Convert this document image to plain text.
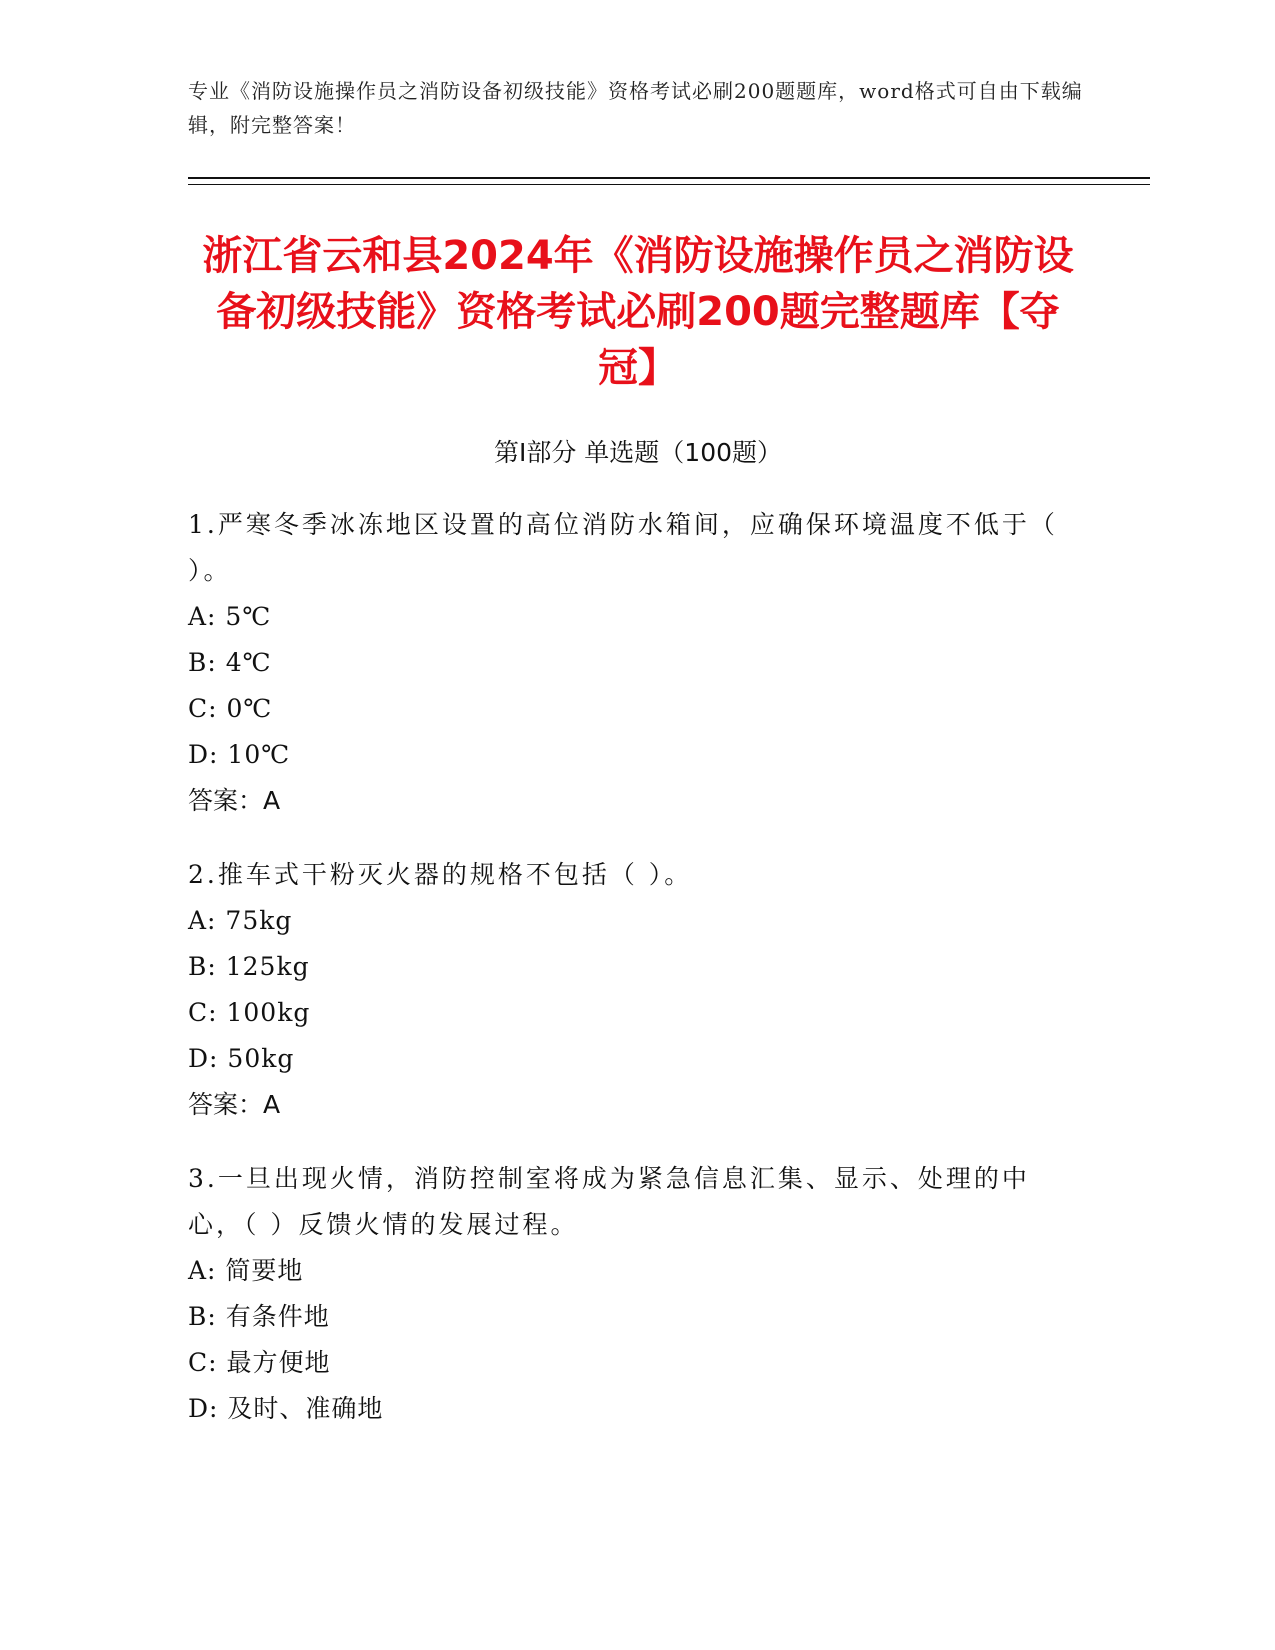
专业《消防设施操作员之消防设备初级技能》资格考试必刷200题题库，word格式可自由下载编辑，附完整答案！
浙江省云和县2024年《消防设施操作员之消防设备初级技能》资格考试必刷200题完整题库【夺冠】
第Ⅰ部分 单选题（100题）

1.严寒冬季冰冻地区设置的高位消防水箱间，应确保环境温度不低于（ ）。

A: 5℃

B: 4℃

C: 0℃

D: 10℃

答案：A

2.推车式干粉灭火器的规格不包括（ ）。

A: 75kg

B: 125kg

C: 100kg

D: 50kg

答案：A

3.一旦出现火情，消防控制室将成为紧急信息汇集、显示、处理的中心，（ ）反馈火情的发展过程。

A: 简要地

B: 有条件地

C: 最方便地

D: 及时、准确地
